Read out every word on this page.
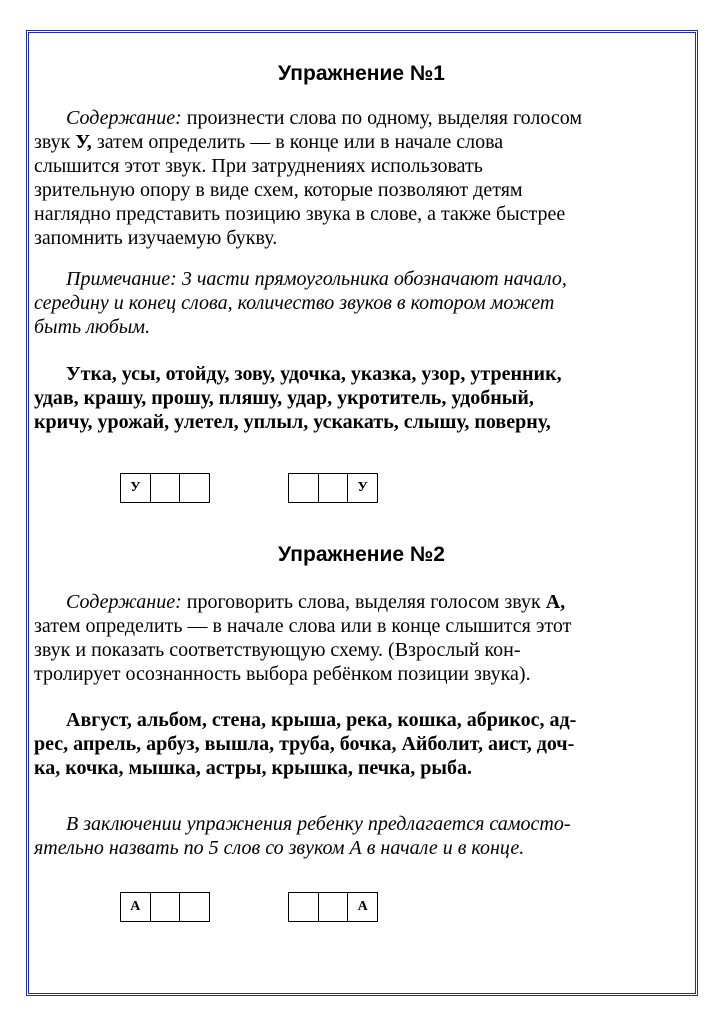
Упражнение №1
Содержание: произнести слова по одному, выделяя голосом
звук У, затем определить — в конце или в начале слова
слышится этот звук. При затруднениях использовать
зрительную опору в виде схем, которые позволяют детям
наглядно представить позицию звука в слове, а также быстрее
запомнить изучаемую букву.
Примечание: 3 части прямоугольника обозначают начало,
середину и конец слова, количество звуков в котором может
быть любым.
Утка, усы, отойду, зову, удочка, указка, узор, утренник,
удав, крашу, прошу, пляшу, удар, укротитель, удобный,
кричу, урожай, улетел, уплыл, ускакать, слышу, поверну,
У	У
Упражнение №2
Содержание: проговорить слова, выделяя голосом звук А,
затем определить — в начале слова или в конце слышится этот
звук и показать соответствующую схему. (Взрослый кон-
тролирует осознанность выбора ребёнком позиции звука).
Август, альбом, стена, крыша, река, кошка, абрикос, ад-
рес, апрель, арбуз, вышла, труба, бочка, Айболит, аист, доч-
ка, кочка, мышка, астры, крышка, печка, рыба.
В заключении упражнения ребенку предлагается самосто-
ятельно назвать по 5 слов со звуком А в начале и в конце.
А	А
